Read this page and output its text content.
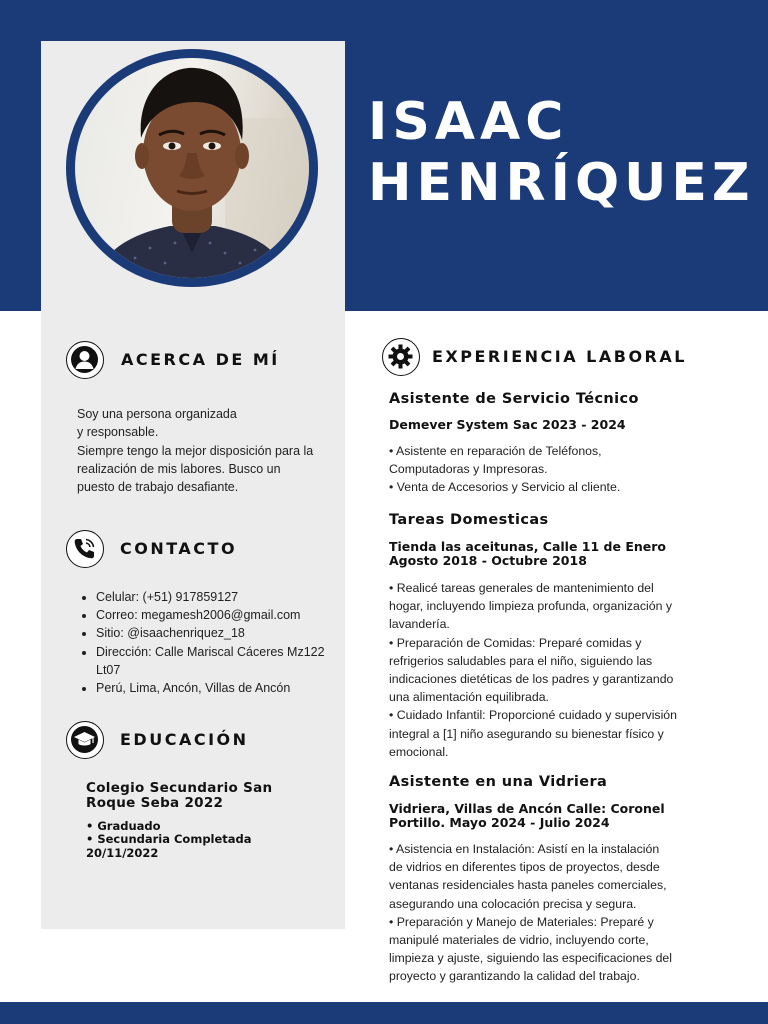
ISAAC
HENRÍQUEZ
ACERCA DE MÍ
Soy una persona organizada
y responsable.
Siempre tengo la mejor disposición para la
realización de mis labores. Busco un
puesto de trabajo desafiante.
CONTACTO
• Celular: (+51) 917859127
• Correo: megamesh2006@gmail.com
• Sitio: @isaachenriquez_18
• Dirección: Calle Mariscal Cáceres Mz122 Lt07
• Perú, Lima, Ancón, Villas de Ancón
EDUCACIÓN
Colegio Secundario San Roque Seba 2022
• Graduado
• Secundaria Completada
20/11/2022
EXPERIENCIA LABORAL
Asistente de Servicio Técnico
Demever System Sac 2023 - 2024
• Asistente en reparación de Teléfonos,
Computadoras y Impresoras.
• Venta de Accesorios y Servicio al cliente.
Tareas Domesticas
Tienda las aceitunas, Calle 11 de Enero
Agosto 2018 - Octubre 2018
• Realicé tareas generales de mantenimiento del
hogar, incluyendo limpieza profunda, organización y
lavandería.
• Preparación de Comidas: Preparé comidas y
refrigerios saludables para el niño, siguiendo las
indicaciones dietéticas de los padres y garantizando
una alimentación equilibrada.
• Cuidado Infantil: Proporcioné cuidado y supervisión
integral a [1] niño asegurando su bienestar físico y
emocional.
Asistente en una Vidriera
Vidriera, Villas de Ancón Calle: Coronel
Portillo. Mayo 2024 - Julio 2024
• Asistencia en Instalación: Asistí en la instalación
de vidrios en diferentes tipos de proyectos, desde
ventanas residenciales hasta paneles comerciales,
asegurando una colocación precisa y segura.
• Preparación y Manejo de Materiales: Preparé y
manipulé materiales de vidrio, incluyendo corte,
limpieza y ajuste, siguiendo las especificaciones del
proyecto y garantizando la calidad del trabajo.
